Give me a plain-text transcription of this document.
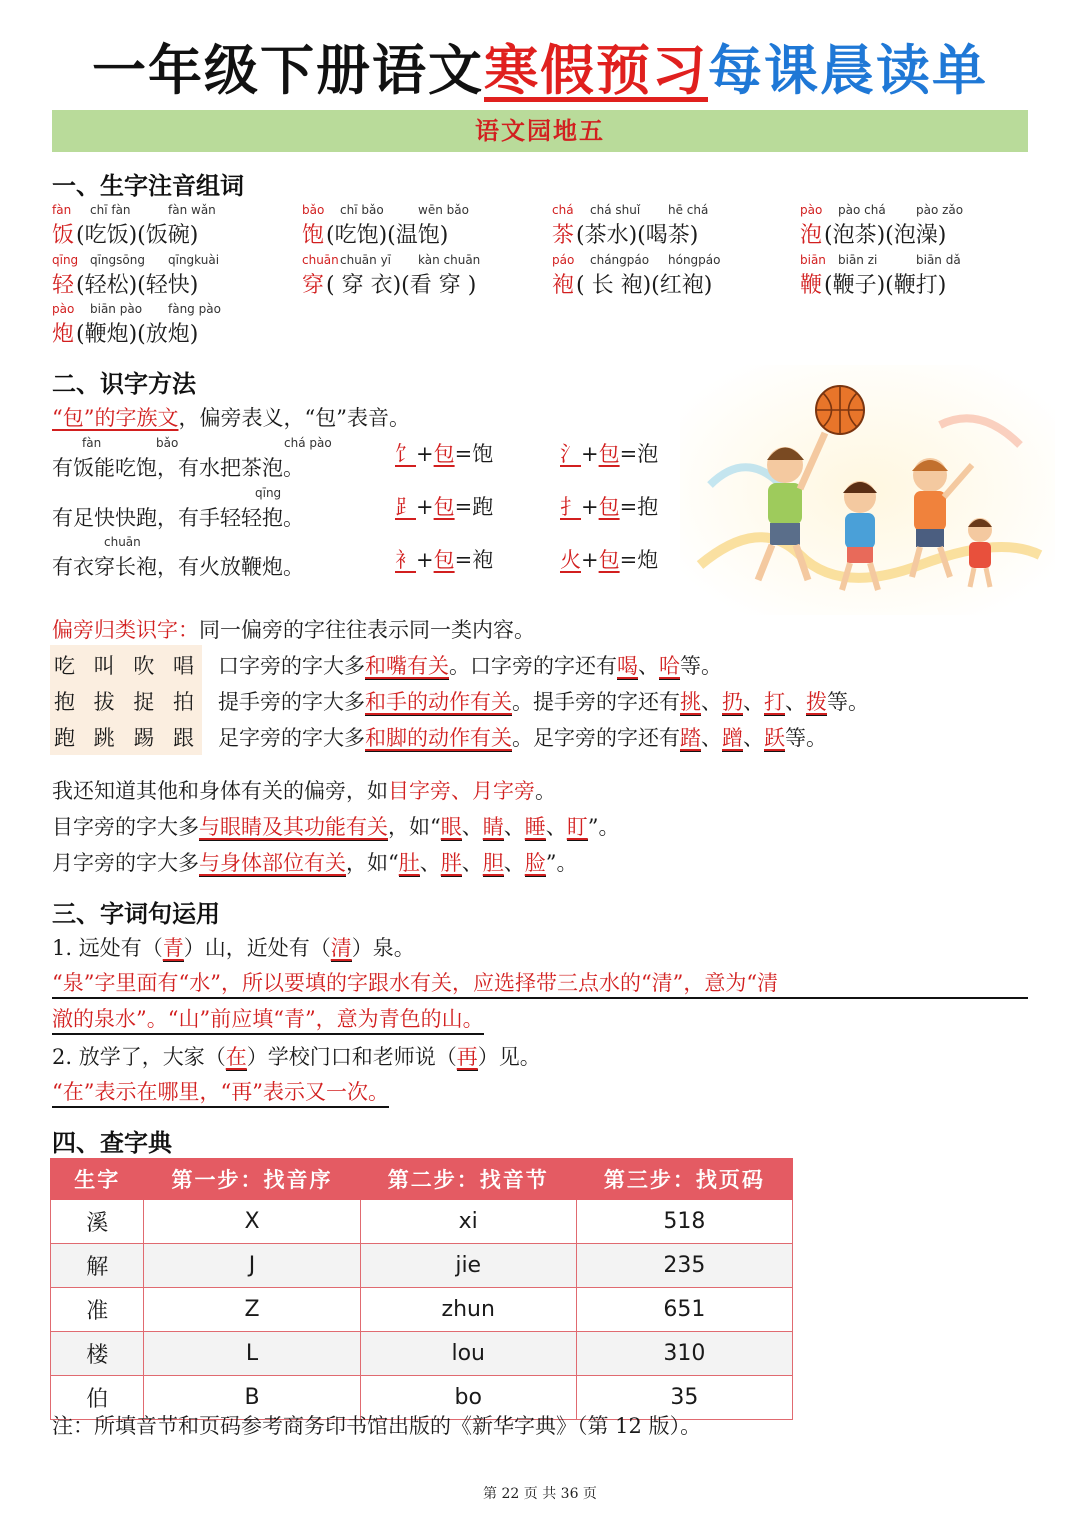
一年级下册语文寒假预习每课晨读单
语文园地五
一、生字注音组词
fàn chī fàn	fàn wǎn
饭 (吃饭)(饭碗)
bǎo chī bǎo	wēn bǎo
饱 (吃饱)(温饱)
chá chá shuǐ hē chá
茶 (茶水)(喝茶)
pào pào chá	pào zǎo
泡 (泡茶)(泡澡)
qīng qīngsōng qīngkuài
轻 (轻松)(轻快)
chuān chuān yī kàn chuān
穿 ( 穿 衣)(看 穿 )
páo chángpáo hóngpáo
袍 ( 长 袍)(红袍)
biān biān zi	biān dǎ
鞭 (鞭子)(鞭打)
pào biān pào fàng pào
炮 (鞭炮)(放炮)
二、识字方法
“包”的字族文，偏旁表义，“包”表音。
有饭能吃饱，有水把茶泡。
fàn	bǎo	chá pào
有足快快跑，有手轻轻抱。
qīng
有衣穿长袍，有火放鞭炮。
chuān
饣+包=饱	氵+包=泡
⻊+包=跑	扌+包=抱
衤+包=袍	火+包=炮
偏旁归类识字：同一偏旁的字往往表示同一类内容。
吃 叫 吹 唱 口字旁的字大多和嘴有关。口字旁的字还有喝、哈等。
抱 拔 捉 拍 提手旁的字大多和手的动作有关。提手旁的字还有挑、扔、打、拨等。
跑 跳 踢 跟 足字旁的字大多和脚的动作有关。足字旁的字还有踏、蹭、跃等。
我还知道其他和身体有关的偏旁，如目字旁、月字旁。
目字旁的字大多与眼睛及其功能有关，如“眼、睛、睡、盯”。
月字旁的字大多与身体部位有关，如“肚、胖、胆、脸”。
三、字词句运用
1. 远处有（青）山，近处有（清）泉。
“泉”字里面有“水”，所以要填的字跟水有关，应选择带三点水的“清”，意为“清
澈的泉水”。“山”前应填“青”，意为青色的山。
2. 放学了，大家（在）学校门口和老师说（再）见。
“在”表示在哪里，“再”表示又一次。
四、查字典
生字	第一步：找音序	第二步：找音节	第三步：找页码
溪	X	xi	518
解	J	jie	235
准	Z	zhun	651
楼	L	lou	310
伯	B	bo	35
注：所填音节和页码参考商务印书馆出版的《新华字典》（第 12 版）。
第 22 页 共 36 页
